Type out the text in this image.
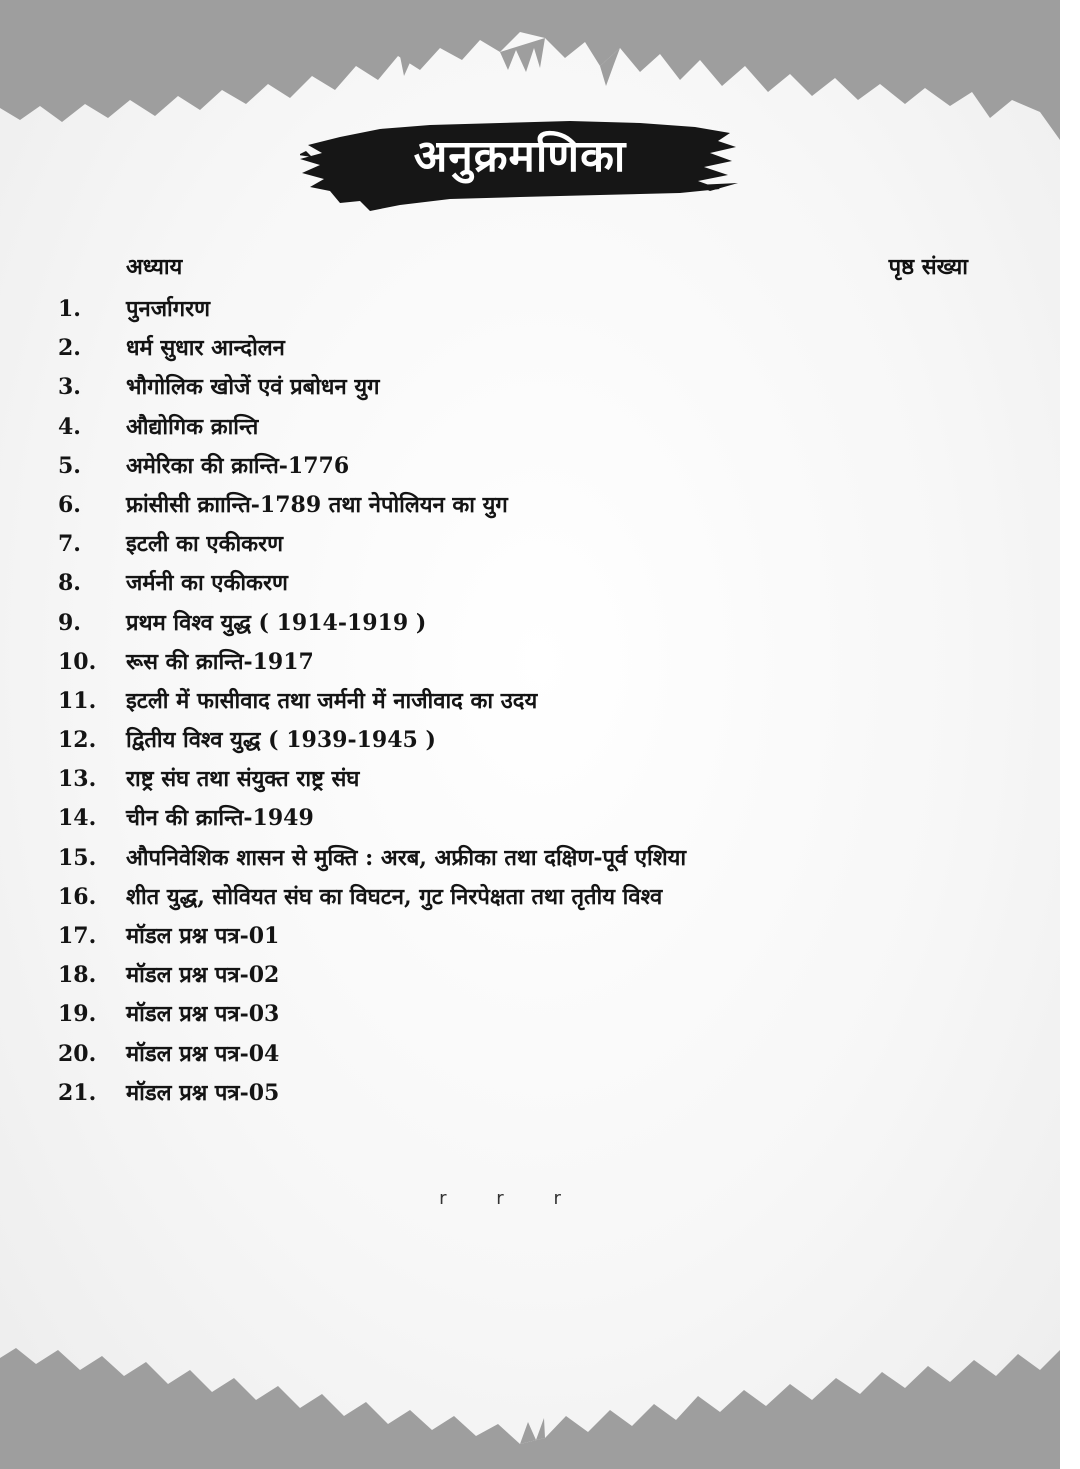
अनुक्रमणिका
अध्याय	पृष्ठ संख्या
1.	पुनर्जागरण
2.	धर्म सुधार आन्दोलन
3.	भौगोलिक खोजें एवं प्रबोधन युग
4.	औद्योगिक क्रान्ति
5.	अमेरिका की क्रान्ति-1776
6.	फ्रांसीसी क्राान्ति-1789 तथा नेपोलियन का युग
7.	इटली का एकीकरण
8.	जर्मनी का एकीकरण
9.	प्रथम विश्व युद्ध ( 1914-1919 )
10.	रूस की क्रान्ति-1917
11.	इटली में फासीवाद तथा जर्मनी में नाजीवाद का उदय
12.	द्वितीय विश्व युद्ध ( 1939-1945 )
13.	राष्ट्र संघ तथा संयुक्त राष्ट्र संघ
14.	चीन की क्रान्ति-1949
15.	औपनिवेशिक शासन से मुक्ति : अरब, अफ्रीका तथा दक्षिण-पूर्व एशिया
16.	शीत युद्ध, सोवियत संघ का विघटन, गुट निरपेक्षता तथा तृतीय विश्व
17.	मॉडल प्रश्न पत्र-01
18.	मॉडल प्रश्न पत्र-02
19.	मॉडल प्रश्न पत्र-03
20.	मॉडल प्रश्न पत्र-04
21.	मॉडल प्रश्न पत्र-05
r	r	r
